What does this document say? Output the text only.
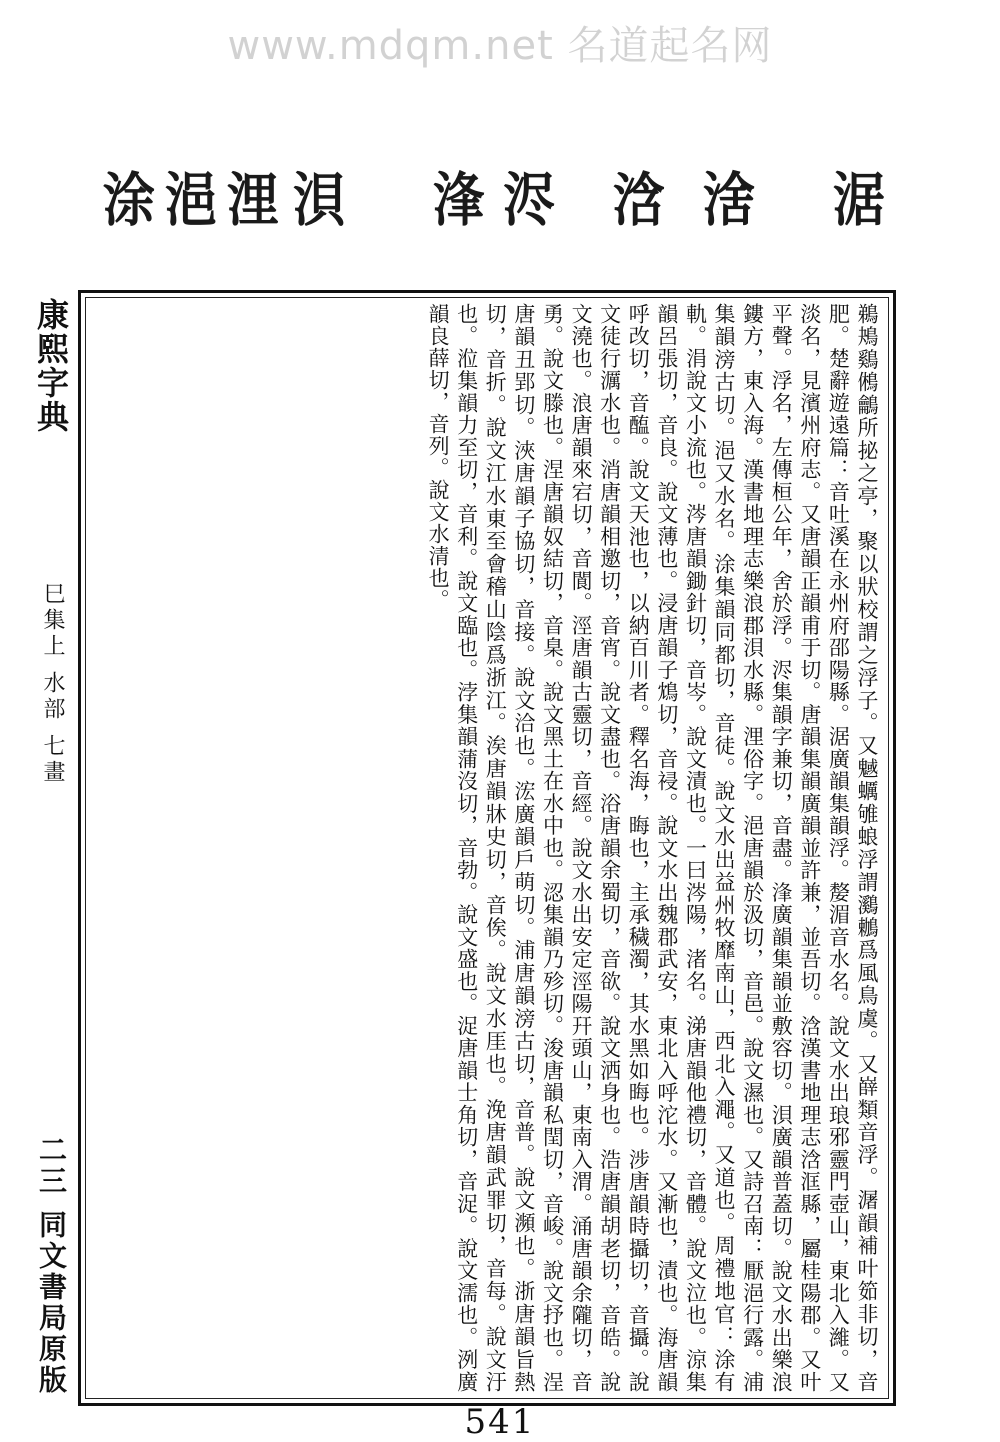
www.mdqm.net 名道起名网
涂 浥 浬 浿 浲 浕 浛 涻 涺
康熙字典
巳集上 水部 七畫
二三 同文書局原版	鵜鴂鷄鵂鸙所㧙之亭，聚以狀校謂之浮子。又魊蠣雊蜋浮謂鸂鶒爲風鳥虞。又嶭類音浮。潳韻補叶筎非切，音肥。楚辭遊遠篇：音吐溪在永州府邵陽縣。涺廣韻集韻浮。嫠湄音水名。說文水出琅邪靈門壺山，東北入濰。又淡名，見濱州府志。又唐韻正韻甫于切。唐韻集韻廣韻並許兼，並吾切。浛漢書地理志浛洭縣，屬桂陽郡。又叶平聲。浮名，左傳桓公年，舍於浮。浕集韻字兼切，音盡。浲廣韻集韻並敷容切。浿廣韻普蓋切。說文水出樂浪鏤方，東入海。漢書地理志樂浪郡浿水縣。浬俗字。浥唐韻於汲切，音邑。說文濕也。又詩召南：厭浥行露。浦集韻滂古切。浥又水名。涂集韻同都切，音徒。說文水出益州牧靡南山，西北入澠。又道也。周禮地官：涂有軌。涓說文小流也。涔唐韻鋤針切，音岑。說文漬也。一曰涔陽，渚名。涕唐韻他禮切，音體。說文泣也。涼集韻呂張切，音良。說文薄也。浸唐韻子鴆切，音祲。說文水出魏郡武安，東北入呼沱水。又漸也，漬也。海唐韻呼改切，音醢。說文天池也，以納百川者。釋名海，晦也，主承穢濁，其水黑如晦也。涉唐韻時攝切，音攝。說文徒行濿水也。消唐韻相邀切，音宵。說文盡也。浴唐韻余蜀切，音欲。說文洒身也。浩唐韻胡老切，音皓。說文澆也。浪唐韻來宕切，音閬。涇唐韻古靈切，音經。說文水出安定涇陽幵頭山，東南入渭。涌唐韻余隴切，音勇。說文滕也。涅唐韻奴結切，音臬。說文黑土在水中也。涊集韻乃殄切。浚唐韻私閏切，音峻。說文抒也。浧唐韻丑郢切。浹唐韻子協切，音接。說文洽也。浤廣韻戶萌切。浦唐韻滂古切，音普。說文瀕也。浙唐韻旨熱切，音折。說文江水東至會稽山陰爲浙江。涘唐韻牀史切，音俟。說文水厓也。浼唐韻武罪切，音每。說文汙也。涖集韻力至切，音利。說文臨也。浡集韻蒲沒切，音勃。說文盛也。浞唐韻士角切，音浞。說文濡也。洌廣韻良薛切，音列。說文水清也。
541
